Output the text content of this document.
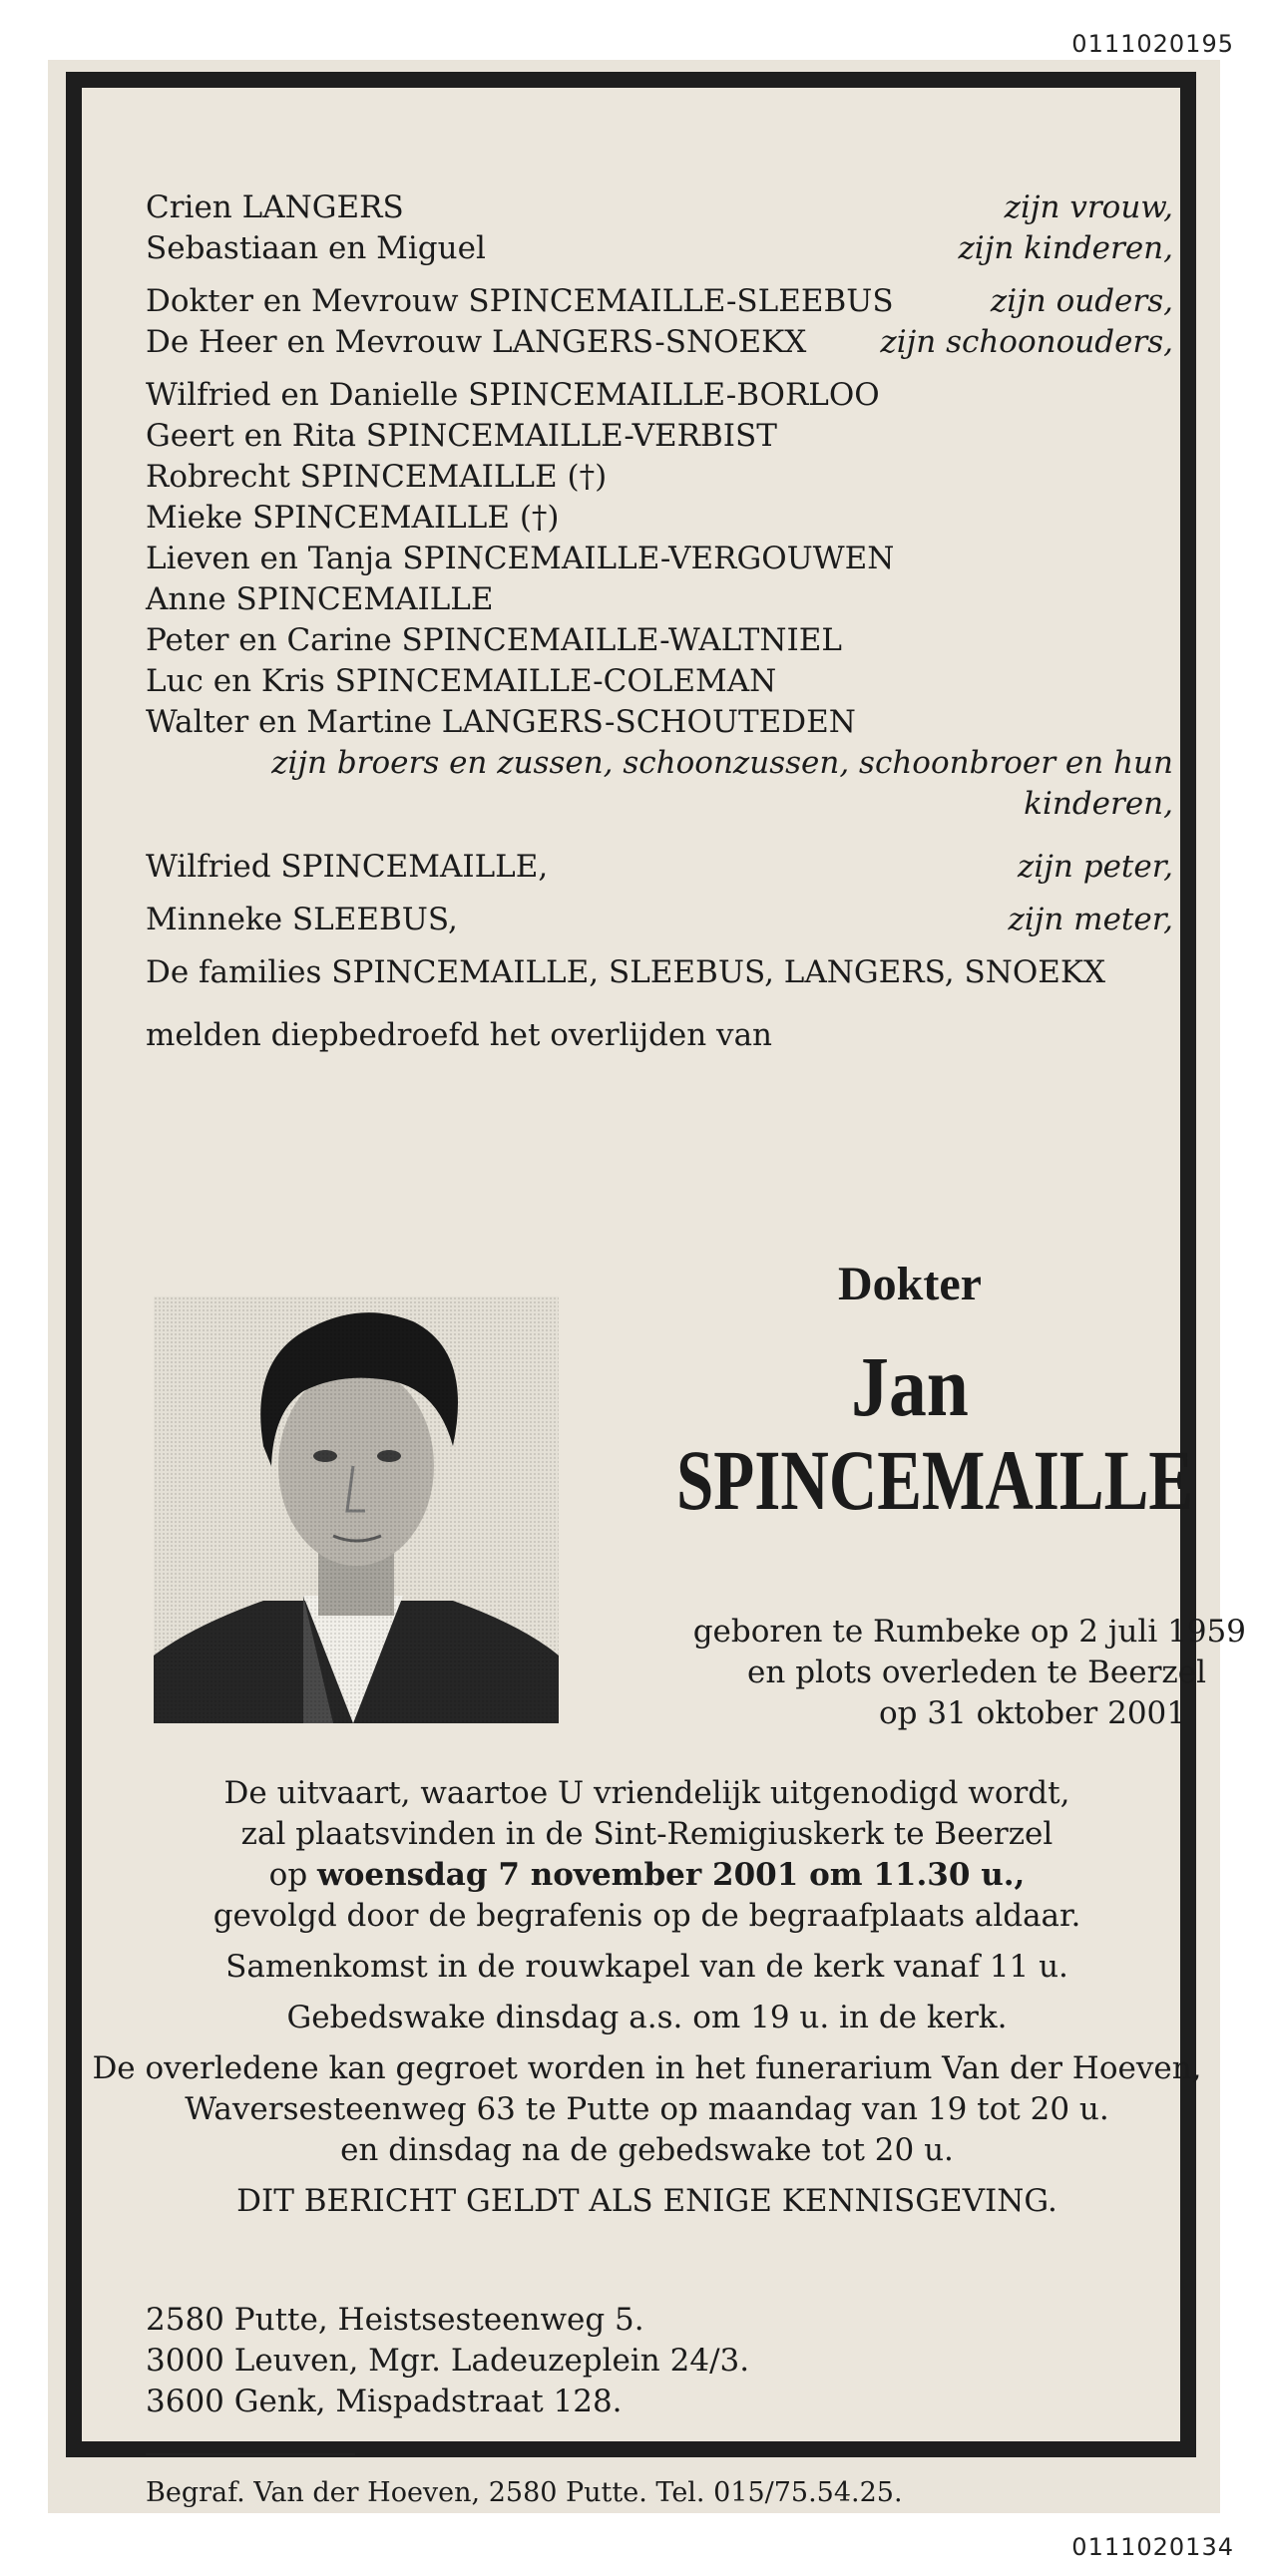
0111020195
Crien LANGERS	zijn vrouw,
Sebastiaan en Miguel	zijn kinderen,
Dokter en Mevrouw SPINCEMAILLE-SLEEBUS	zijn ouders,
De Heer en Mevrouw LANGERS-SNOEKX zijn schoonouders,
Wilfried en Danielle SPINCEMAILLE-BORLOO
Geert en Rita SPINCEMAILLE-VERBIST
Robrecht SPINCEMAILLE (†)
Mieke SPINCEMAILLE (†)
Lieven en Tanja SPINCEMAILLE-VERGOUWEN
Anne SPINCEMAILLE
Peter en Carine SPINCEMAILLE-WALTNIEL
Luc en Kris SPINCEMAILLE-COLEMAN
Walter en Martine LANGERS-SCHOUTEDEN
zijn broers en zussen, schoonzussen, schoonbroer en hun kinderen,
Wilfried SPINCEMAILLE,	zijn peter,
Minneke SLEEBUS,	zijn meter,
De families SPINCEMAILLE, SLEEBUS, LANGERS, SNOEKX
melden diepbedroefd het overlijden van
Dokter
Jan
SPINCEMAILLE
geboren te Rumbeke op 2 juli 1959
en plots overleden te Beerzel
op 31 oktober 2001
De uitvaart, waartoe U vriendelijk uitgenodigd wordt,
zal plaatsvinden in de Sint-Remigiuskerk te Beerzel
op woensdag 7 november 2001 om 11.30 u.,
gevolgd door de begrafenis op de begraafplaats aldaar.
Samenkomst in de rouwkapel van de kerk vanaf 11 u.
Gebedswake dinsdag a.s. om 19 u. in de kerk.
De overledene kan gegroet worden in het funerarium Van der Hoeven,
Waversesteenweg 63 te Putte op maandag van 19 tot 20 u.
en dinsdag na de gebedswake tot 20 u.
DIT BERICHT GELDT ALS ENIGE KENNISGEVING.
2580 Putte, Heistsesteenweg 5.
3000 Leuven, Mgr. Ladeuzeplein 24/3.
3600 Genk, Mispadstraat 128.
Begraf. Van der Hoeven, 2580 Putte. Tel. 015/75.54.25.
0111020134
